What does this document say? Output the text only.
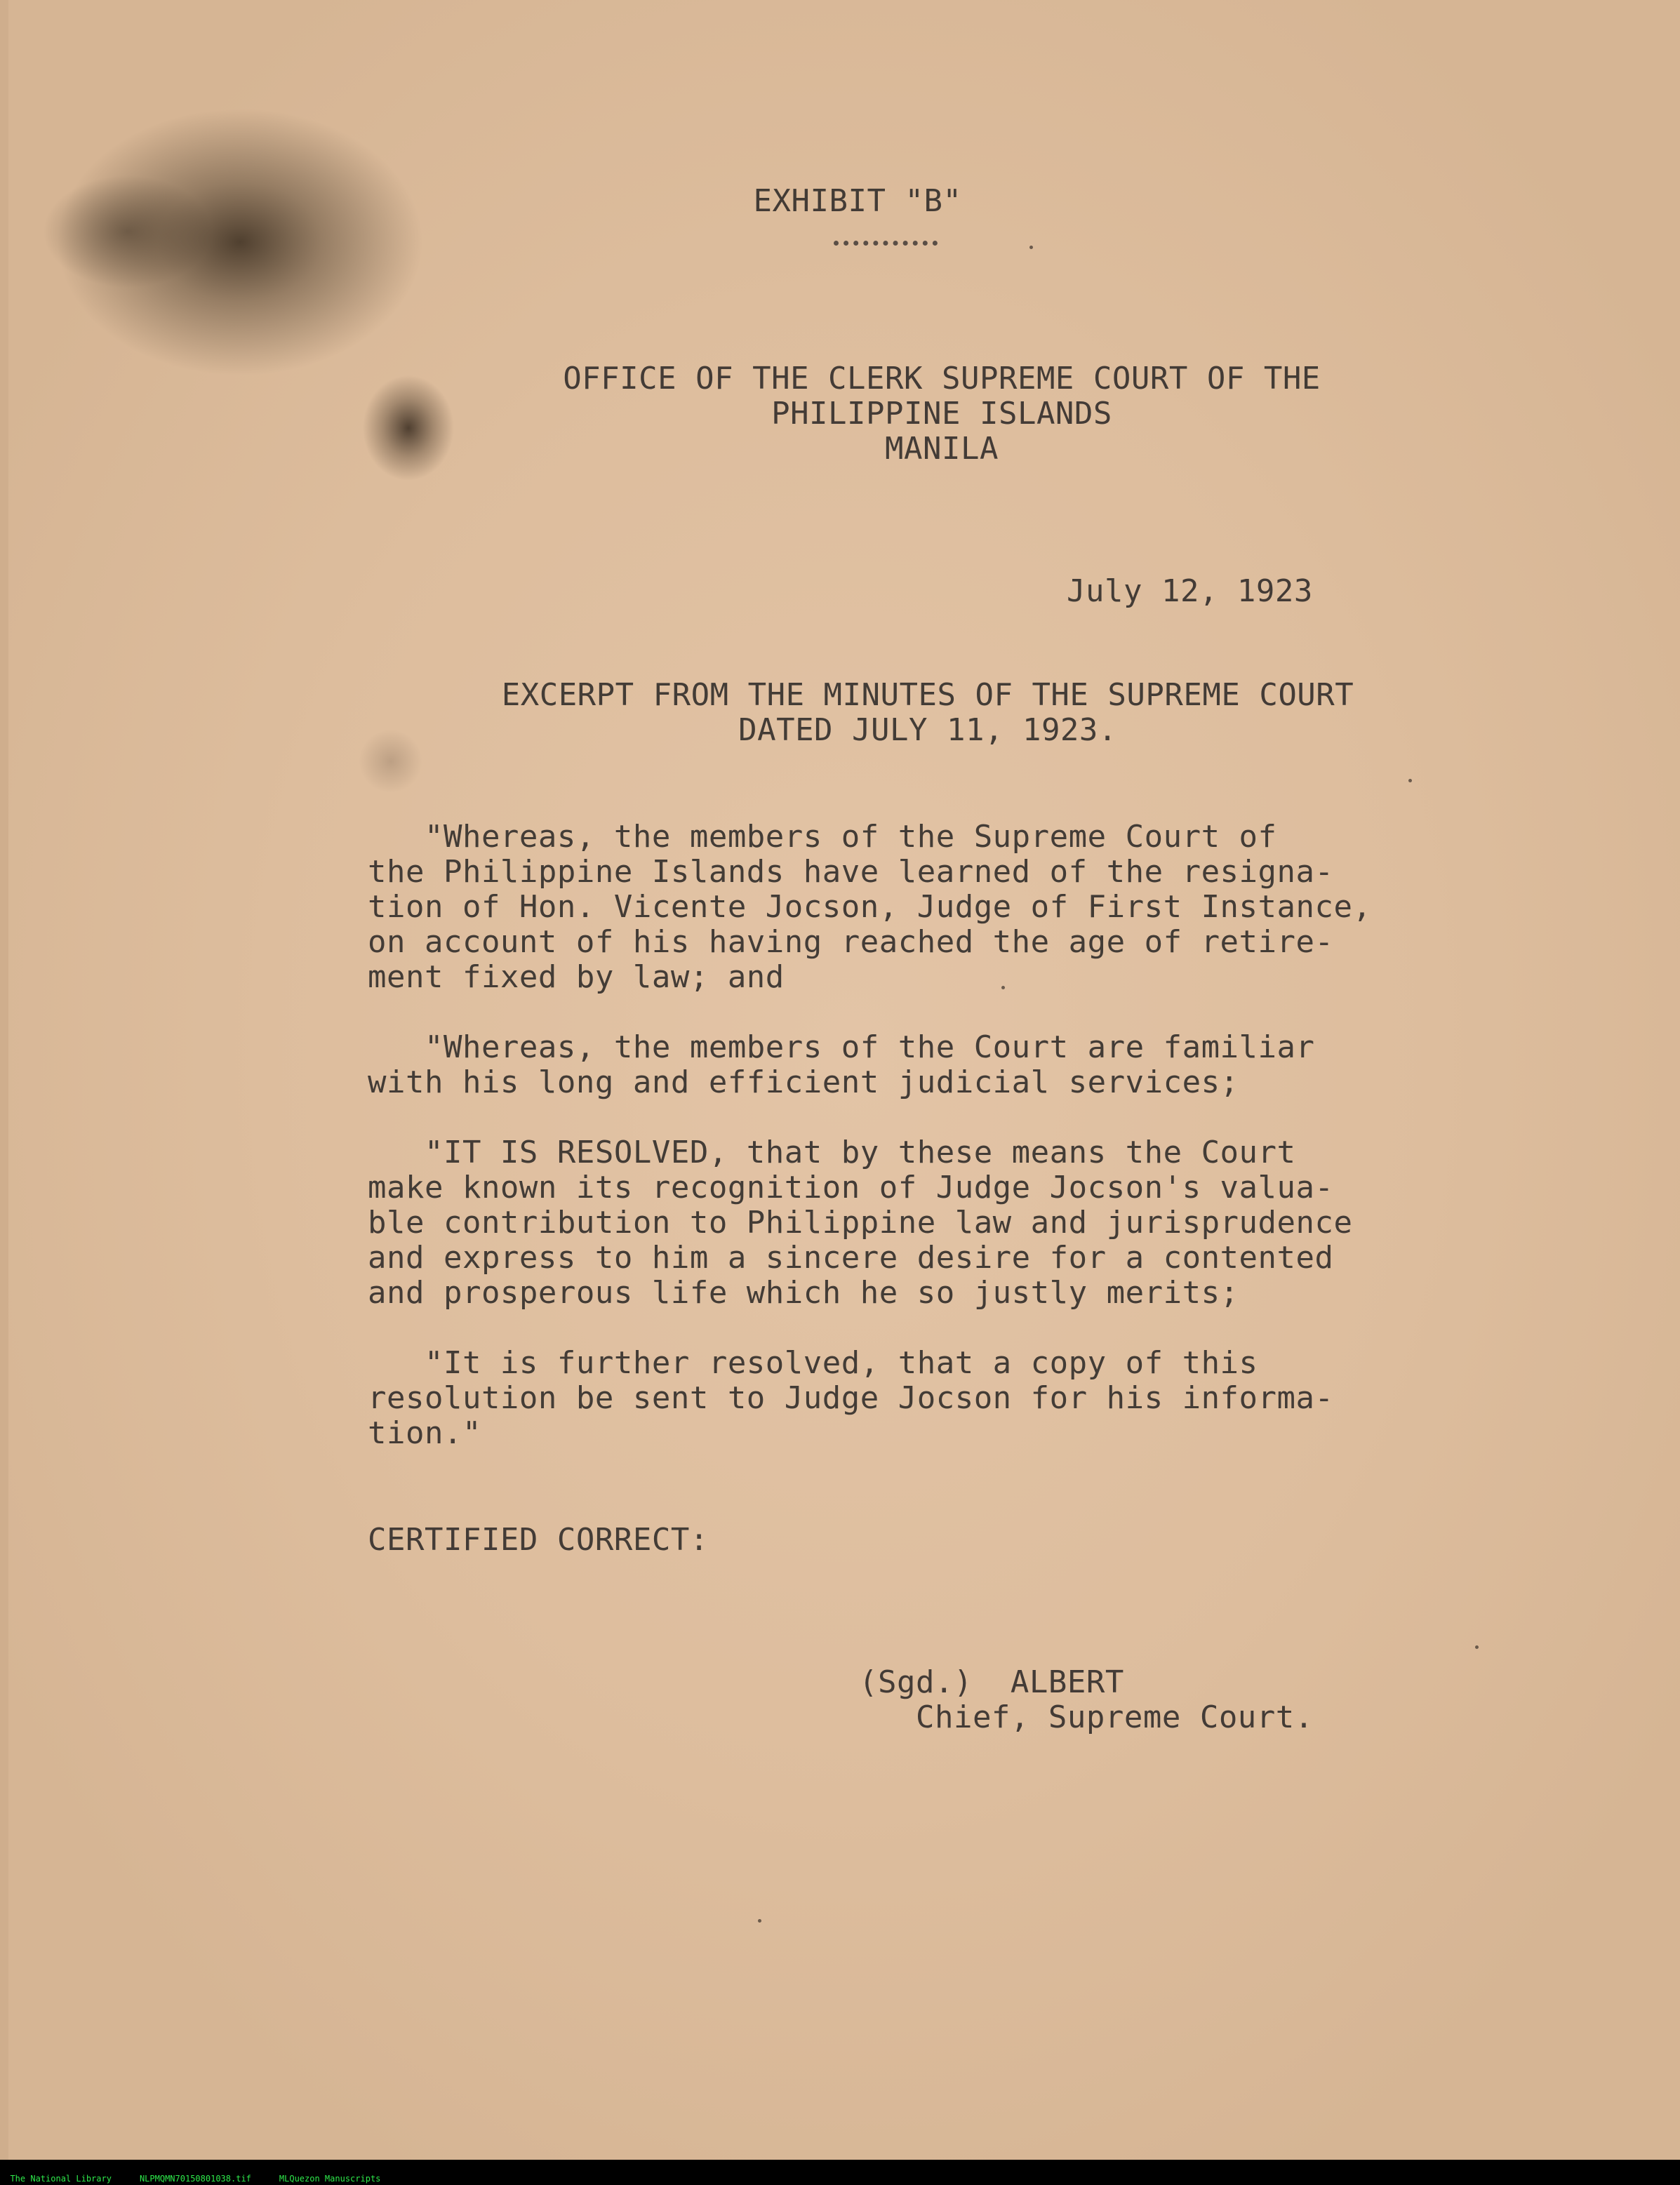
EXHIBIT "B"
OFFICE OF THE CLERK SUPREME COURT OF THE
PHILIPPINE ISLANDS
MANILA
July 12, 1923
EXCERPT FROM THE MINUTES OF THE SUPREME COURT
DATED JULY 11, 1923.
"Whereas, the members of the Supreme Court of
the Philippine Islands have learned of the resigna-
tion of Hon. Vicente Jocson, Judge of First Instance,
on account of his having reached the age of retire-
ment fixed by law; and

"Whereas, the members of the Court are familiar
with his long and efficient judicial services;

"IT IS RESOLVED, that by these means the Court
make known its recognition of Judge Jocson's valua-
ble contribution to Philippine law and jurisprudence
and express to him a sincere desire for a contented
and prosperous life which he so justly merits;

"It is further resolved, that a copy of this
resolution be sent to Judge Jocson for his informa-
tion."
CERTIFIED CORRECT:
(Sgd.)  ALBERT
Chief, Supreme Court.

The National Library	NLPMQMN70150801038.tif	MLQuezon Manuscripts
